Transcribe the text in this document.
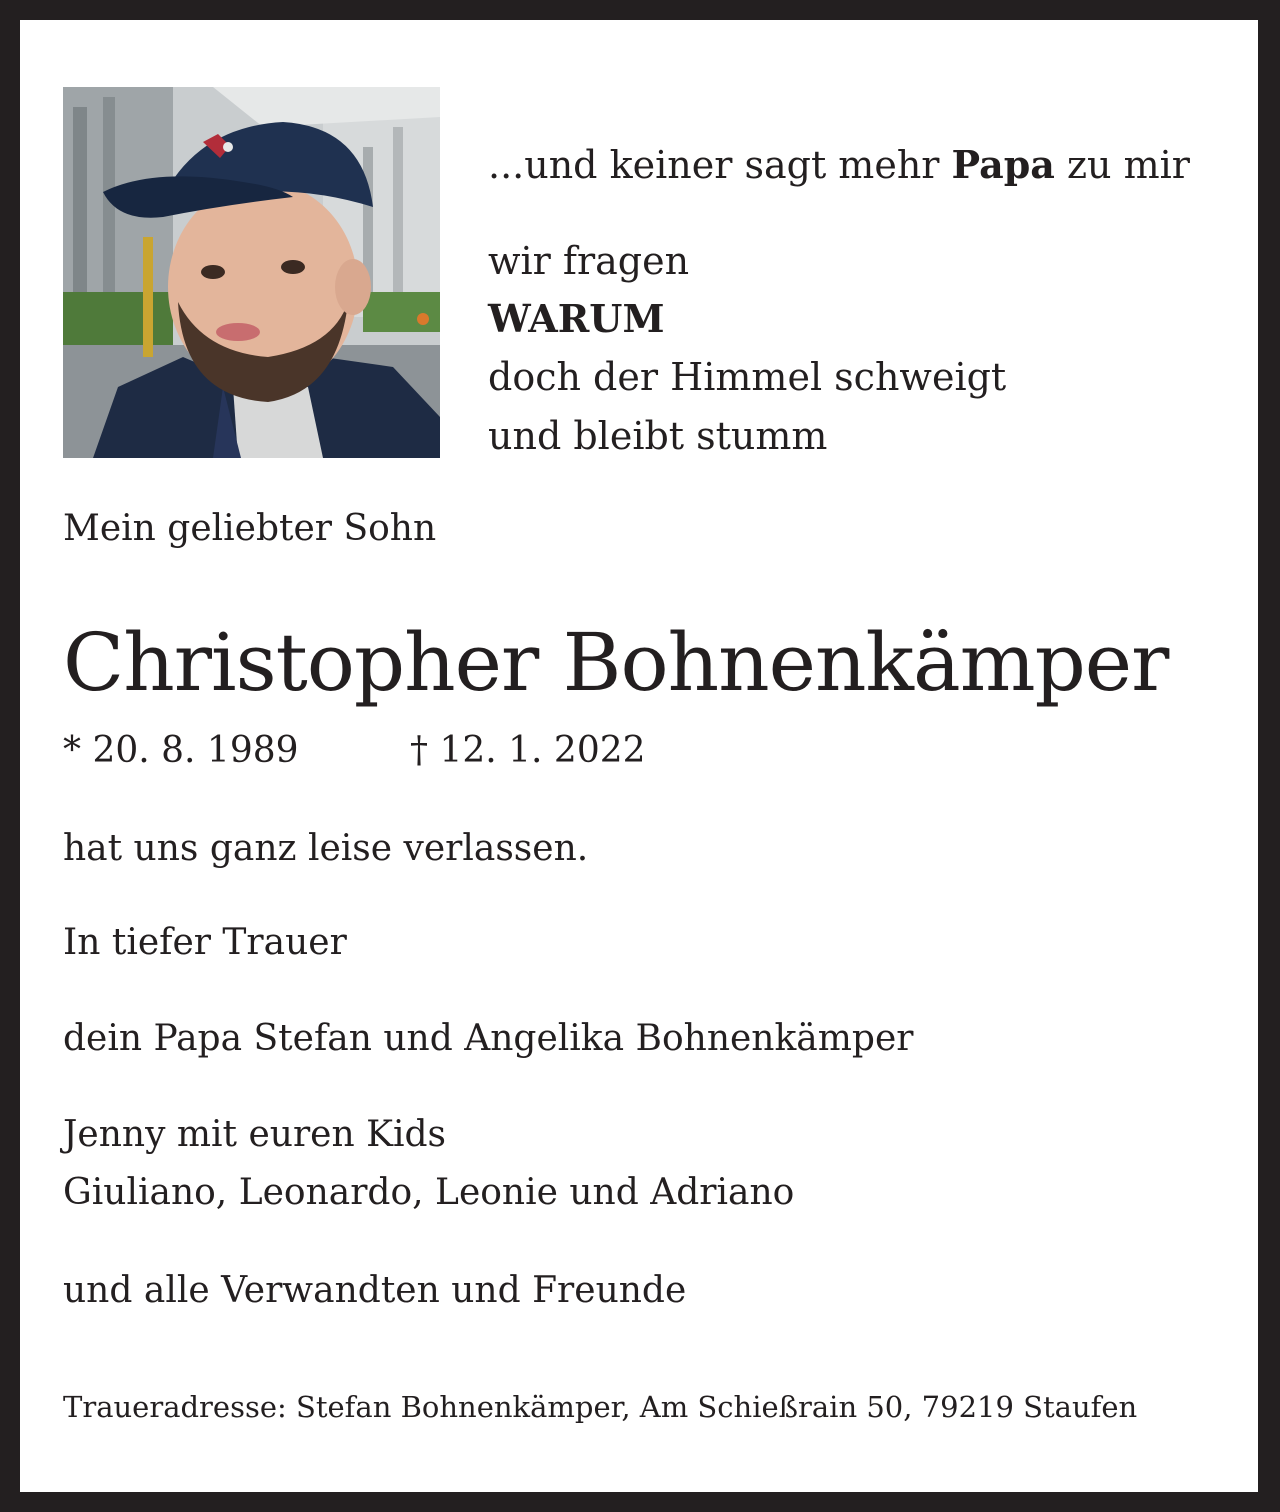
...und keiner sagt mehr Papa zu mir

wir fragen

WARUM

doch der Himmel schweigt

und bleibt stumm

Mein geliebter Sohn

Christopher Bohnenkämper

* 20. 8. 1989	† 12. 1. 2022

hat uns ganz leise verlassen.

In tiefer Trauer

dein Papa Stefan und Angelika Bohnenkämper

Jenny mit euren Kids

Giuliano, Leonardo, Leonie und Adriano

und alle Verwandten und Freunde

Traueradresse: Stefan Bohnenkämper, Am Schießrain 50, 79219 Staufen
